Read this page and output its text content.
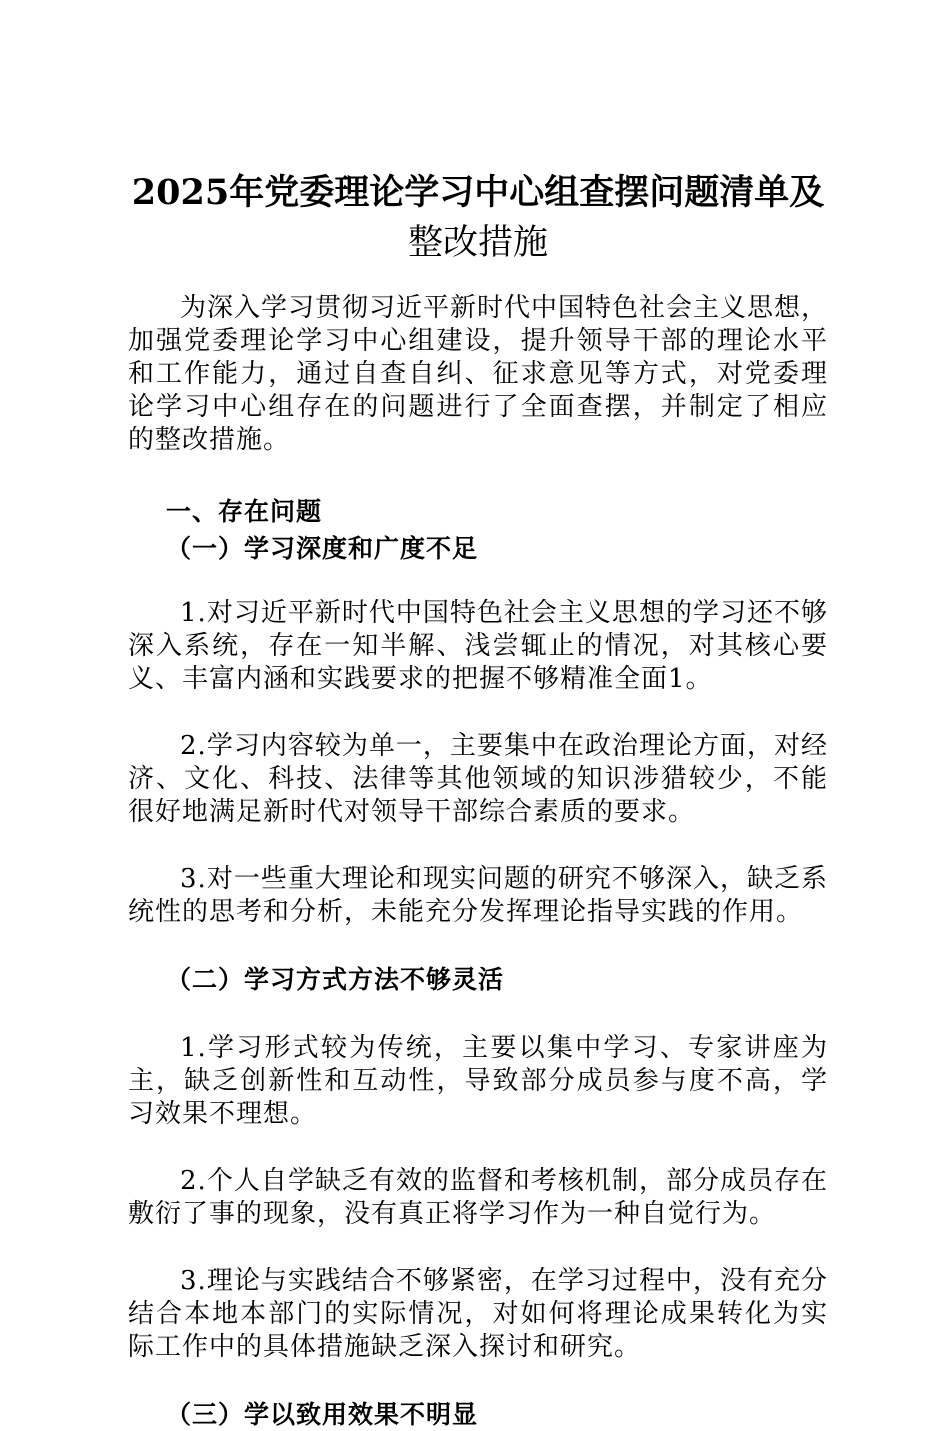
2025年党委理论学习中心组查摆问题清单及
整改措施

为深入学习贯彻习近平新时代中国特色社会主义思想，加强党委理论学习中心组建设，提升领导干部的理论水平和工作能力，通过自查自纠、征求意见等方式，对党委理论学习中心组存在的问题进行了全面查摆，并制定了相应的整改措施。

一、存在问题
（一）学习深度和广度不足

1.对习近平新时代中国特色社会主义思想的学习还不够深入系统，存在一知半解、浅尝辄止的情况，对其核心要义、丰富内涵和实践要求的把握不够精准全面1。

2.学习内容较为单一，主要集中在政治理论方面，对经济、文化、科技、法律等其他领域的知识涉猎较少，不能很好地满足新时代对领导干部综合素质的要求。

3.对一些重大理论和现实问题的研究不够深入，缺乏系统性的思考和分析，未能充分发挥理论指导实践的作用。

（二）学习方式方法不够灵活

1.学习形式较为传统，主要以集中学习、专家讲座为主，缺乏创新性和互动性，导致部分成员参与度不高，学习效果不理想。

2.个人自学缺乏有效的监督和考核机制，部分成员存在敷衍了事的现象，没有真正将学习作为一种自觉行为。

3.理论与实践结合不够紧密，在学习过程中，没有充分结合本地本部门的实际情况，对如何将理论成果转化为实际工作中的具体措施缺乏深入探讨和研究。

（三）学以致用效果不明显
